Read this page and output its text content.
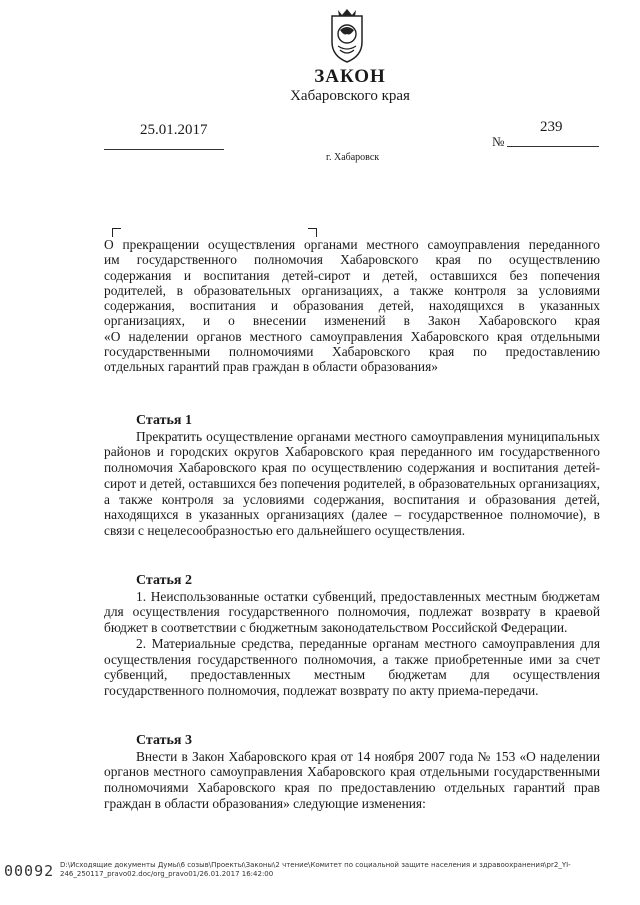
ЗАКОН
Хабаровского края
25.01.2017
№
239
г. Хабаровск

О прекращении осуществления органами местного самоуправления переданного

им государственного полномочия Хабаровского края по осуществлению

содержания и воспитания детей-сирот и детей, оставшихся без попечения

родителей, в образовательных организациях, а также контроля за условиями

содержания, воспитания и образования детей, находящихся в указанных

организациях, и о внесении изменений в Закон Хабаровского края

«О наделении органов местного самоуправления Хабаровского края отдельными

государственными полномочиями Хабаровского края по предоставлению

отдельных гарантий прав граждан в области образования»

Статья 1

Прекратить осуществление органами местного самоуправления муниципальных районов и городских округов Хабаровского края переданного им государственного полномочия Хабаровского края по осуществлению содержания и воспитания детей-сирот и детей, оставшихся без попечения родителей, в образовательных организациях, а также контроля за условиями содержания, воспитания и образования детей, находящихся в указанных организациях (далее – государственное полномочие), в связи с нецелесообразностью его дальнейшего осуществления.

Статья 2

1. Неиспользованные остатки субвенций, предоставленных местным бюджетам для осуществления государственного полномочия, подлежат возврату в краевой бюджет в соответствии с бюджетным законодательством Российской Федерации.

2. Материальные средства, переданные органам местного самоуправления для осуществления государственного полномочия, а также приобретенные ими за счет субвенций, предоставленных местным бюджетам для осуществления государственного полномочия, подлежат возврату по акту приема-передачи.

Статья 3

Внести в Закон Хабаровского края от 14 ноября 2007 года № 153 «О наделении органов местного самоуправления Хабаровского края отдельными государственными полномочиями Хабаровского края по предоставлению отдельных гарантий прав граждан в области образования» следующие изменения:

00092 D:\Исходящие документы Думы\6 созыв\Проекты\Законы\2 чтение\Комитет по социальной защите населения и здравоохранения\pr2_YI-246_250117_pravo02.doc/org_pravo01/26.01.2017 16:42:00
